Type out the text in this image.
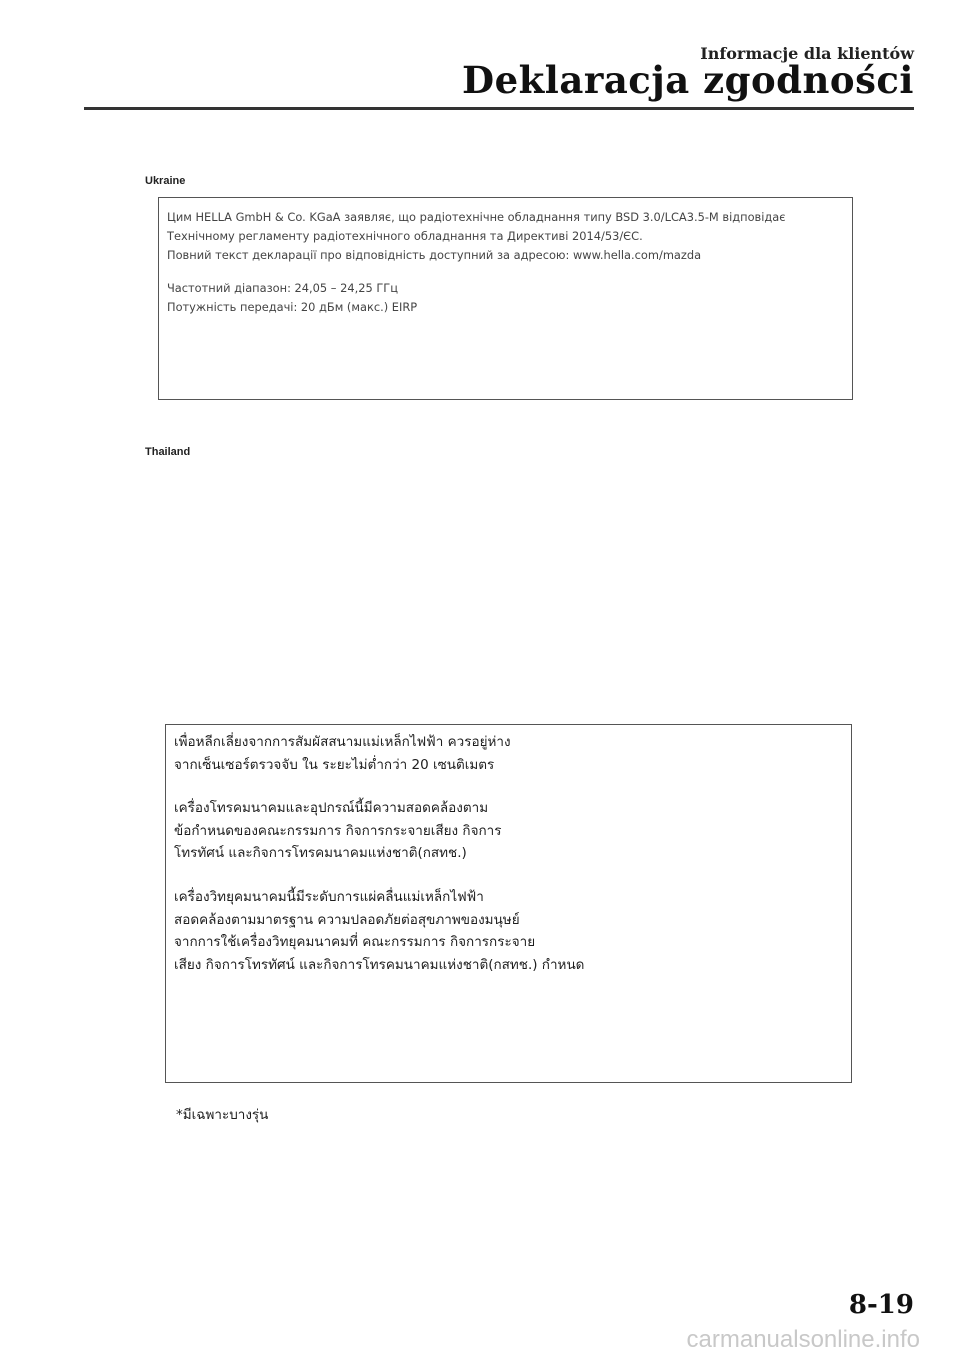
Informacje dla klientów
Deklaracja zgodności
Ukraine
Цим HELLA GmbH & Co. KGaA заявляє, що радіотехнічне обладнання типу BSD 3.0/LCA3.5-M відповідає
Технічному регламенту радіотехнічного обладнання та Директиві 2014/53/ЄС.
Повний текст декларації про відповідність доступний за адресою: www.hella.com/mazda
Частотний діапазон: 24,05 – 24,25 ГГц
Потужність передачі: 20 дБм (макс.) EIRP
Thailand
เพื่อหลีกเลี่ยงจากการสัมผัสสนามแม่เหล็กไฟฟ้า ควรอยู่ห่าง
จากเซ็นเซอร์ตรวจจับ ใน ระยะไม่ต่ำกว่า 20 เซนติเมตร
เครื่องโทรคมนาคมและอุปกรณ์นี้มีความสอดคล้องตาม
ข้อกำหนดของคณะกรรมการ กิจการกระจายเสียง กิจการ
โทรทัศน์ และกิจการโทรคมนาคมแห่งชาติ(กสทช.)
เครื่องวิทยุคมนาคมนี้มีระดับการแผ่คลื่นแม่เหล็กไฟฟ้า
สอดคล้องตามมาตรฐาน ความปลอดภัยต่อสุขภาพของมนุษย์
จากการใช้เครื่องวิทยุคมนาคมที่ คณะกรรมการ กิจการกระจาย
เสียง กิจการโทรทัศน์ และกิจการโทรคมนาคมแห่งชาติ(กสทช.) กำหนด
*มีเฉพาะบางรุ่น
8-19
carmanualsonline.info
